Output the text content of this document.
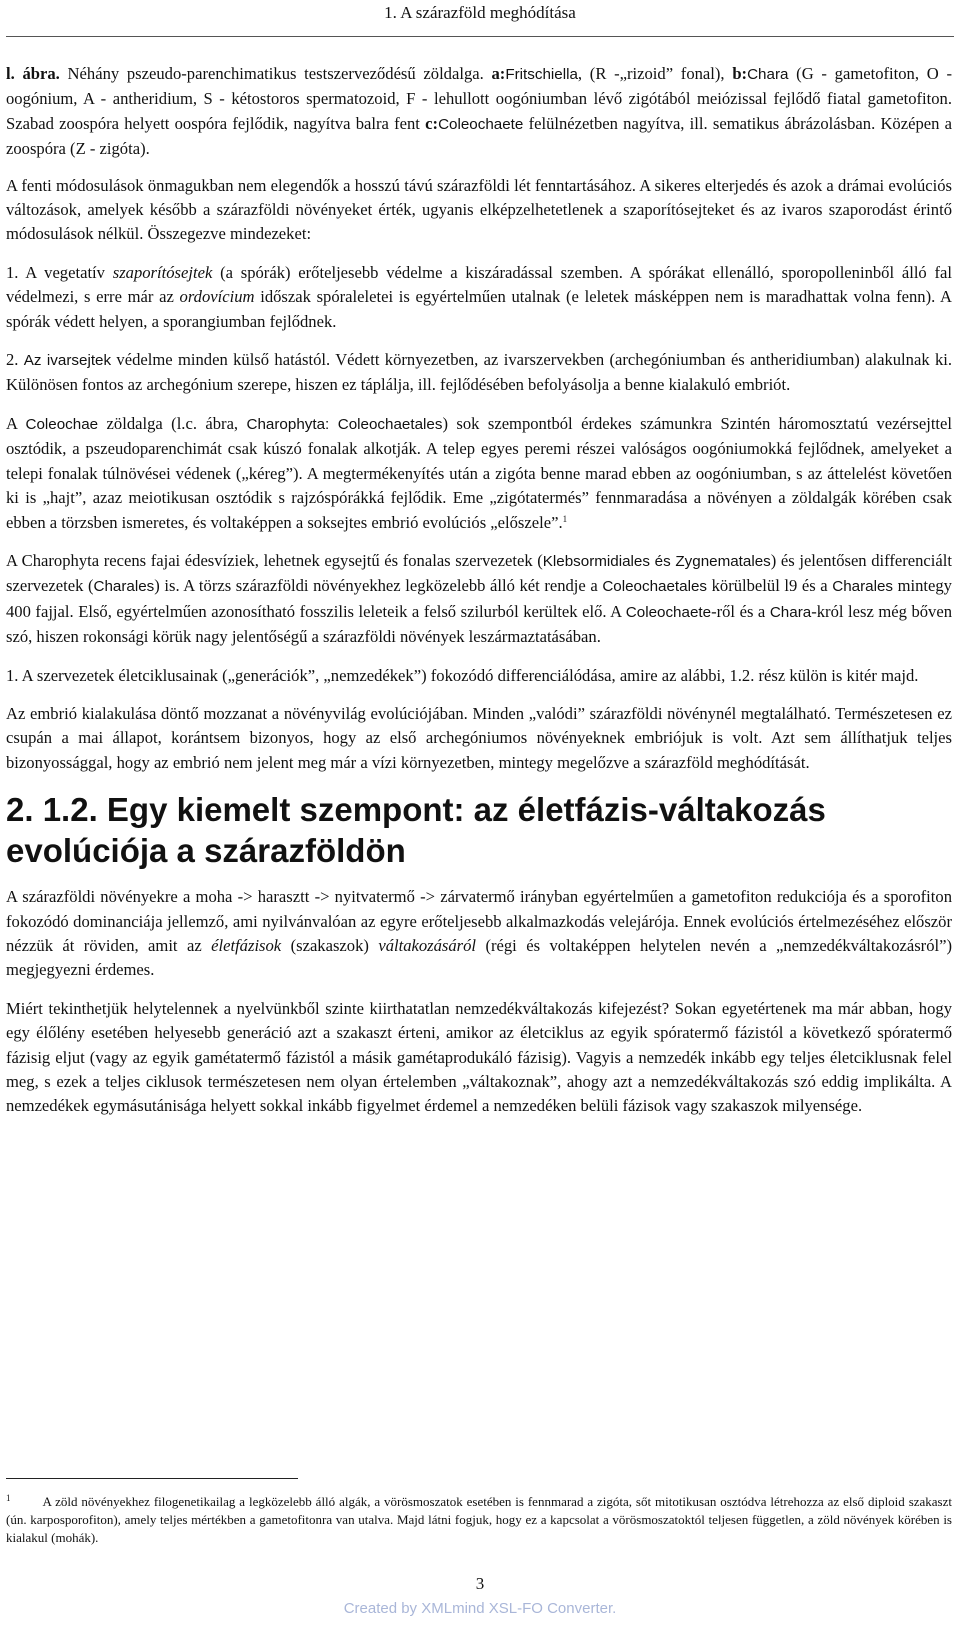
1. A szárazföld meghódítása

l. ábra. Néhány pszeudo-parenchimatikus testszerveződésű zöldalga. a:Fritschiella, (R -„rizoid” fonal), b:Chara (G - gametofiton, O - oogónium, A - antheridium, S - kétostoros spermatozoid, F - lehullott oogóniumban lévő zigótából meiózissal fejlődő fiatal gametofiton. Szabad zoospóra helyett oospóra fejlődik, nagyítva balra fent c:Coleochaete felülnézetben nagyítva, ill. sematikus ábrázolásban. Középen a zoospóra (Z - zigóta).

A fenti módosulások önmagukban nem elegendők a hosszú távú szárazföldi lét fenntartásához. A sikeres elterjedés és azok a drámai evolúciós változások, amelyek később a szárazföldi növényeket érték, ugyanis elképzelhetetlenek a szaporítósejteket és az ivaros szaporodást érintő módosulások nélkül. Összegezve mindezeket:

1. A vegetatív szaporítósejtek (a spórák) erőteljesebb védelme a kiszáradással szemben. A spórákat ellenálló, sporopolleninből álló fal védelmezi, s erre már az ordovícium időszak spóraleletei is egyértelműen utalnak (e leletek másképpen nem is maradhattak volna fenn). A spórák védett helyen, a sporangiumban fejlődnek.

2. Az ivarsejtek védelme minden külső hatástól. Védett környezetben, az ivarszervekben (archegóniumban és antheridiumban) alakulnak ki. Különösen fontos az archegónium szerepe, hiszen ez táplálja, ill. fejlődésében befolyásolja a benne kialakuló embriót.

A Coleochae zöldalga (l.c. ábra, Charophyta: Coleochaetales) sok szempontból érdekes számunkra Szintén háromosztatú vezérsejttel osztódik, a pszeudoparenchimát csak kúszó fonalak alkotják. A telep egyes peremi részei valóságos oogóniumokká fejlődnek, amelyeket a telepi fonalak túlnövései védenek („kéreg”). A megtermékenyítés után a zigóta benne marad ebben az oogóniumban, s az áttelelést követően ki is „hajt”, azaz meiotikusan osztódik s rajzóspórákká fejlődik. Eme „zigótatermés” fennmaradása a növényen a zöldalgák körében csak ebben a törzsben ismeretes, és voltaképpen a soksejtes embrió evolúciós „előszele”.$^1$

A Charophyta recens fajai édesvíziek, lehetnek egysejtű és fonalas szervezetek (Klebsormidiales és Zygnematales) és jelentősen differenciált szervezetek (Charales) is. A törzs szárazföldi növényekhez legközelebb álló két rendje a Coleochaetales körülbelül l9 és a Charales mintegy 400 fajjal. Első, egyértelműen azonosítható fosszilis leleteik a felső szilurból kerültek elő. A Coleochaete-ről és a Chara-król lesz még bőven szó, hiszen rokonsági körük nagy jelentőségű a szárazföldi növények leszármaztatásában.

1. A szervezetek életciklusainak („generációk”, „nemzedékek”) fokozódó differenciálódása, amire az alábbi, 1.2. rész külön is kitér majd.

Az embrió kialakulása döntő mozzanat a növényvilág evolúciójában. Minden „valódi” szárazföldi növénynél megtalálható. Természetesen ez csupán a mai állapot, korántsem bizonyos, hogy az első archegóniumos növényeknek embriójuk is volt. Azt sem állíthatjuk teljes bizonyossággal, hogy az embrió nem jelent meg már a vízi környezetben, mintegy megelőzve a szárazföld meghódítását.

2. 1.2. Egy kiemelt szempont: az életfázis-váltakozás evolúciója a szárazföldön

A szárazföldi növényekre a moha -> harasztt -> nyitvatermő -> zárvatermő irányban egyértelműen a gametofiton redukciója és a sporofiton fokozódó dominanciája jellemző, ami nyilvánvalóan az egyre erőteljesebb alkalmazkodás velejárója. Ennek evolúciós értelmezéséhez először nézzük át röviden, amit az életfázisok (szakaszok) váltakozásáról (régi és voltaképpen helytelen nevén a „nemzedékváltakozásról”) megjegyezni érdemes.

Miért tekinthetjük helytelennek a nyelvünkből szinte kiirthatatlan nemzedékváltakozás kifejezést? Sokan egyetértenek ma már abban, hogy egy élőlény esetében helyesebb generáció azt a szakaszt érteni, amikor az életciklus az egyik spóratermő fázistól a következő spóratermő fázisig eljut (vagy az egyik gamétatermő fázistól a másik gamétaprodukáló fázisig). Vagyis a nemzedék inkább egy teljes életciklusnak felel meg, s ezek a teljes ciklusok természetesen nem olyan értelemben „váltakoznak”, ahogy azt a nemzedékváltakozás szó eddig implikálta. A nemzedékek egymásutánisága helyett sokkal inkább figyelmet érdemel a nemzedéken belüli fázisok vagy szakaszok milyensége.

$^1$ A zöld növényekhez filogenetikailag a legközelebb álló algák, a vörösmoszatok esetében is fennmarad a zigóta, sőt mitotikusan osztódva létrehozza az első diploid szakaszt (ún. karposporofiton), amely teljes mértékben a gametofitonra van utalva. Majd látni fogjuk, hogy ez a kapcsolat a vörösmoszatoktól teljesen független, a zöld növények körében is kialakul (mohák).
3
Created by XMLmind XSL-FO Converter.
